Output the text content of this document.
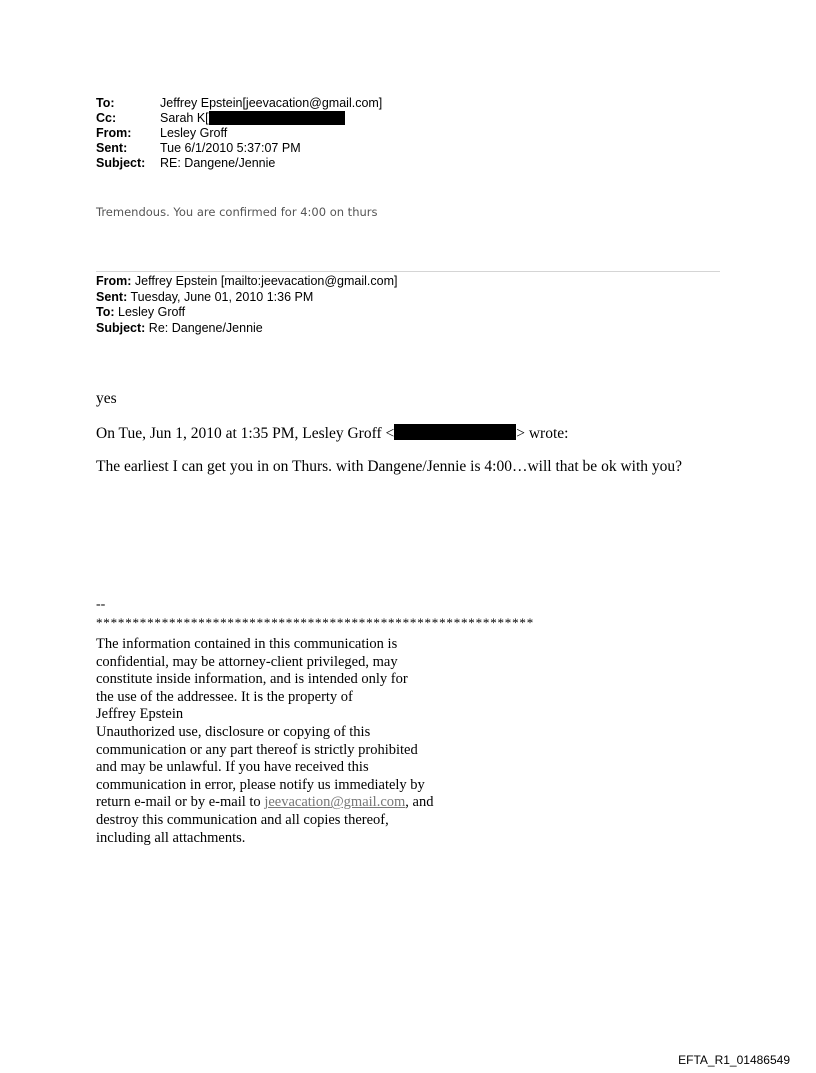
To:	Jeffrey Epstein[jeevacation@gmail.com]
Cc:	Sarah K[
From:	Lesley Groff
Sent:	Tue 6/1/2010 5:37:07 PM
Subject:	RE: Dangene/Jennie
Tremendous. You are confirmed for 4:00 on thurs
From: Jeffrey Epstein [mailto:jeevacation@gmail.com]
Sent: Tuesday, June 01, 2010 1:36 PM
To: Lesley Groff
Subject: Re: Dangene/Jennie
yes
On Tue, Jun 1, 2010 at 1:35 PM, Lesley Groff <	> wrote:
The earliest I can get you in on Thurs. with Dangene/Jennie is 4:00…will that be ok with you?
--
************************************************************
The information contained in this communication is
confidential, may be attorney-client privileged, may
constitute inside information, and is intended only for
the use of the addressee. It is the property of
Jeffrey Epstein
Unauthorized use, disclosure or copying of this
communication or any part thereof is strictly prohibited
and may be unlawful. If you have received this
communication in error, please notify us immediately by
return e-mail or by e-mail to jeevacation@gmail.com, and
destroy this communication and all copies thereof,
including all attachments.
EFTA_R1_01486549
